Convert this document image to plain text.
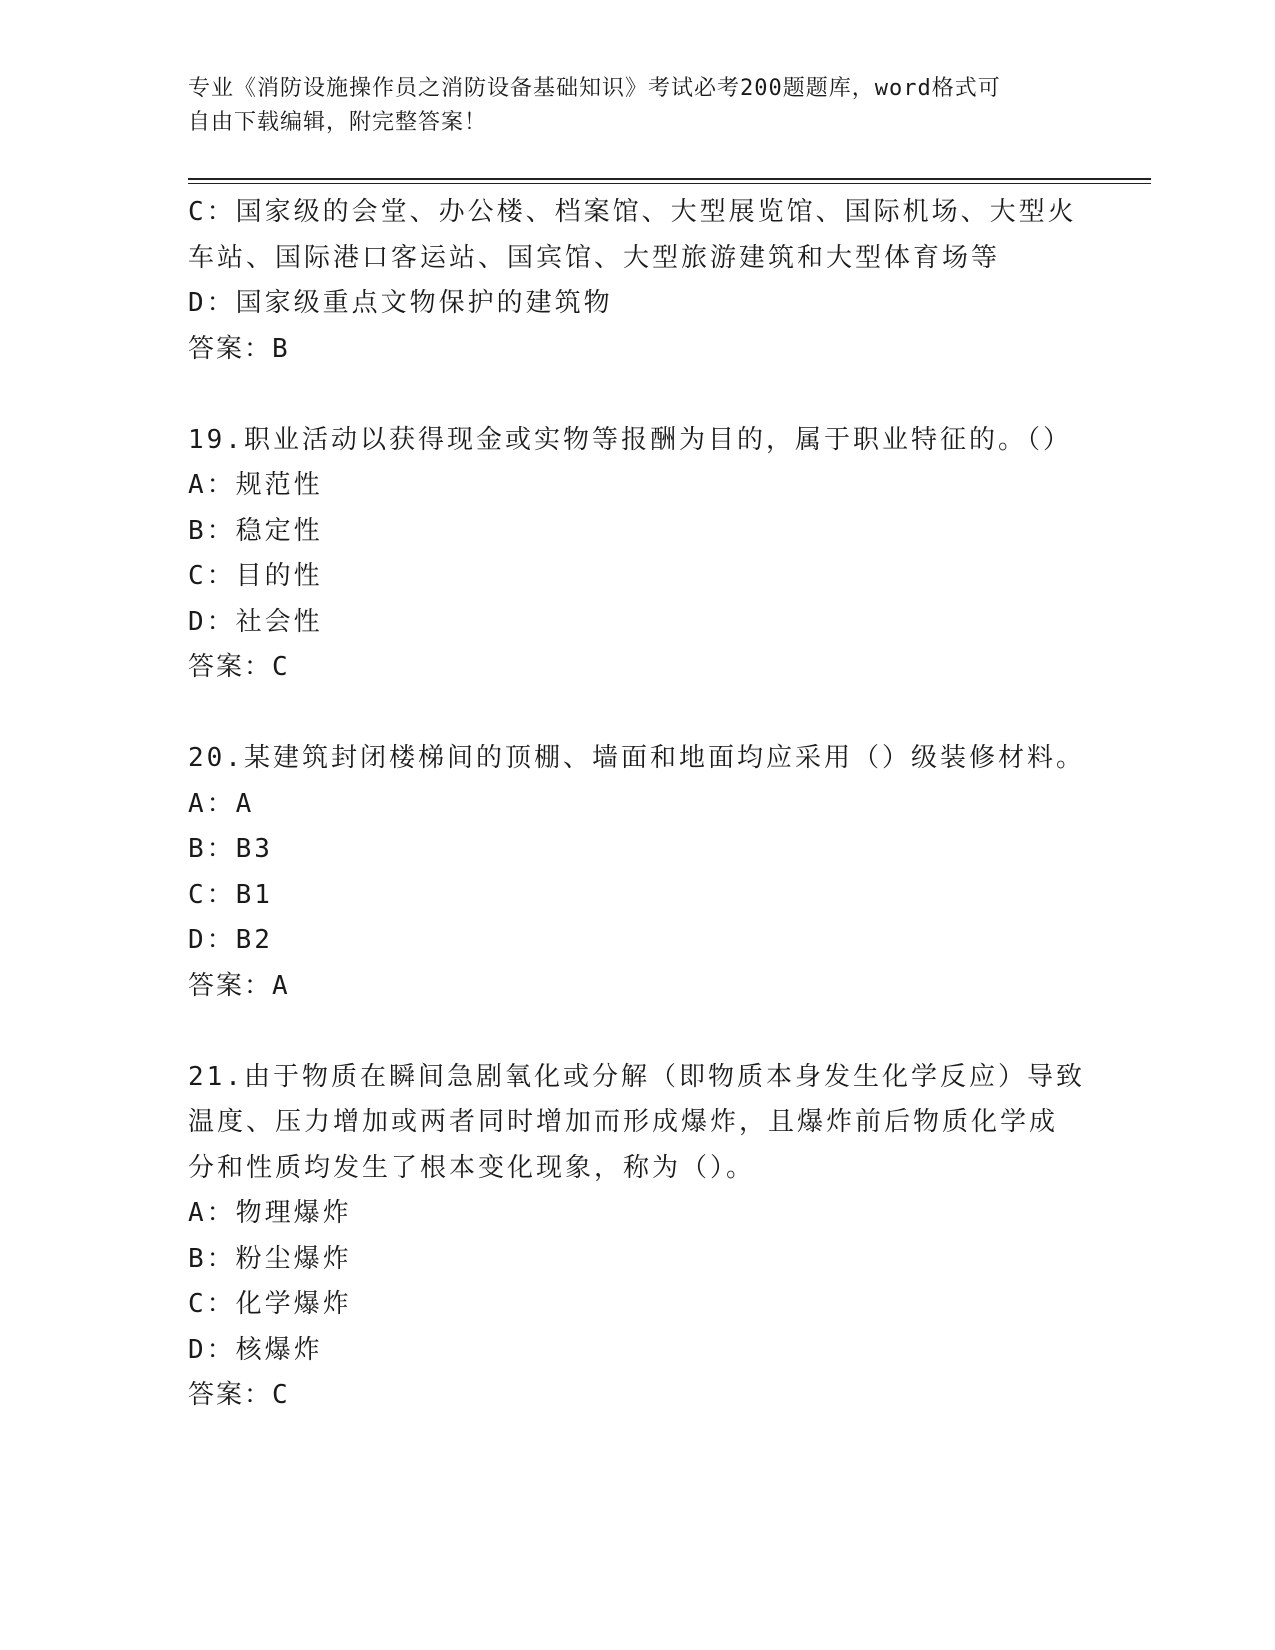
专业《消防设施操作员之消防设备基础知识》考试必考200题题库，word格式可
自由下载编辑，附完整答案！
C：国家级的会堂、办公楼、档案馆、大型展览馆、国际机场、大型火
车站、国际港口客运站、国宾馆、大型旅游建筑和大型体育场等
D：国家级重点文物保护的建筑物
答案：B
19.职业活动以获得现金或实物等报酬为目的，属于职业特征的。（）
A：规范性
B：稳定性
C：目的性
D：社会性
答案：C
20.某建筑封闭楼梯间的顶棚、墙面和地面均应采用（）级装修材料。
A：A
B：B3
C：B1
D：B2
答案：A
21.由于物质在瞬间急剧氧化或分解（即物质本身发生化学反应）导致
温度、压力增加或两者同时增加而形成爆炸，且爆炸前后物质化学成
分和性质均发生了根本变化现象，称为（）。
A：物理爆炸
B：粉尘爆炸
C：化学爆炸
D：核爆炸
答案：C
